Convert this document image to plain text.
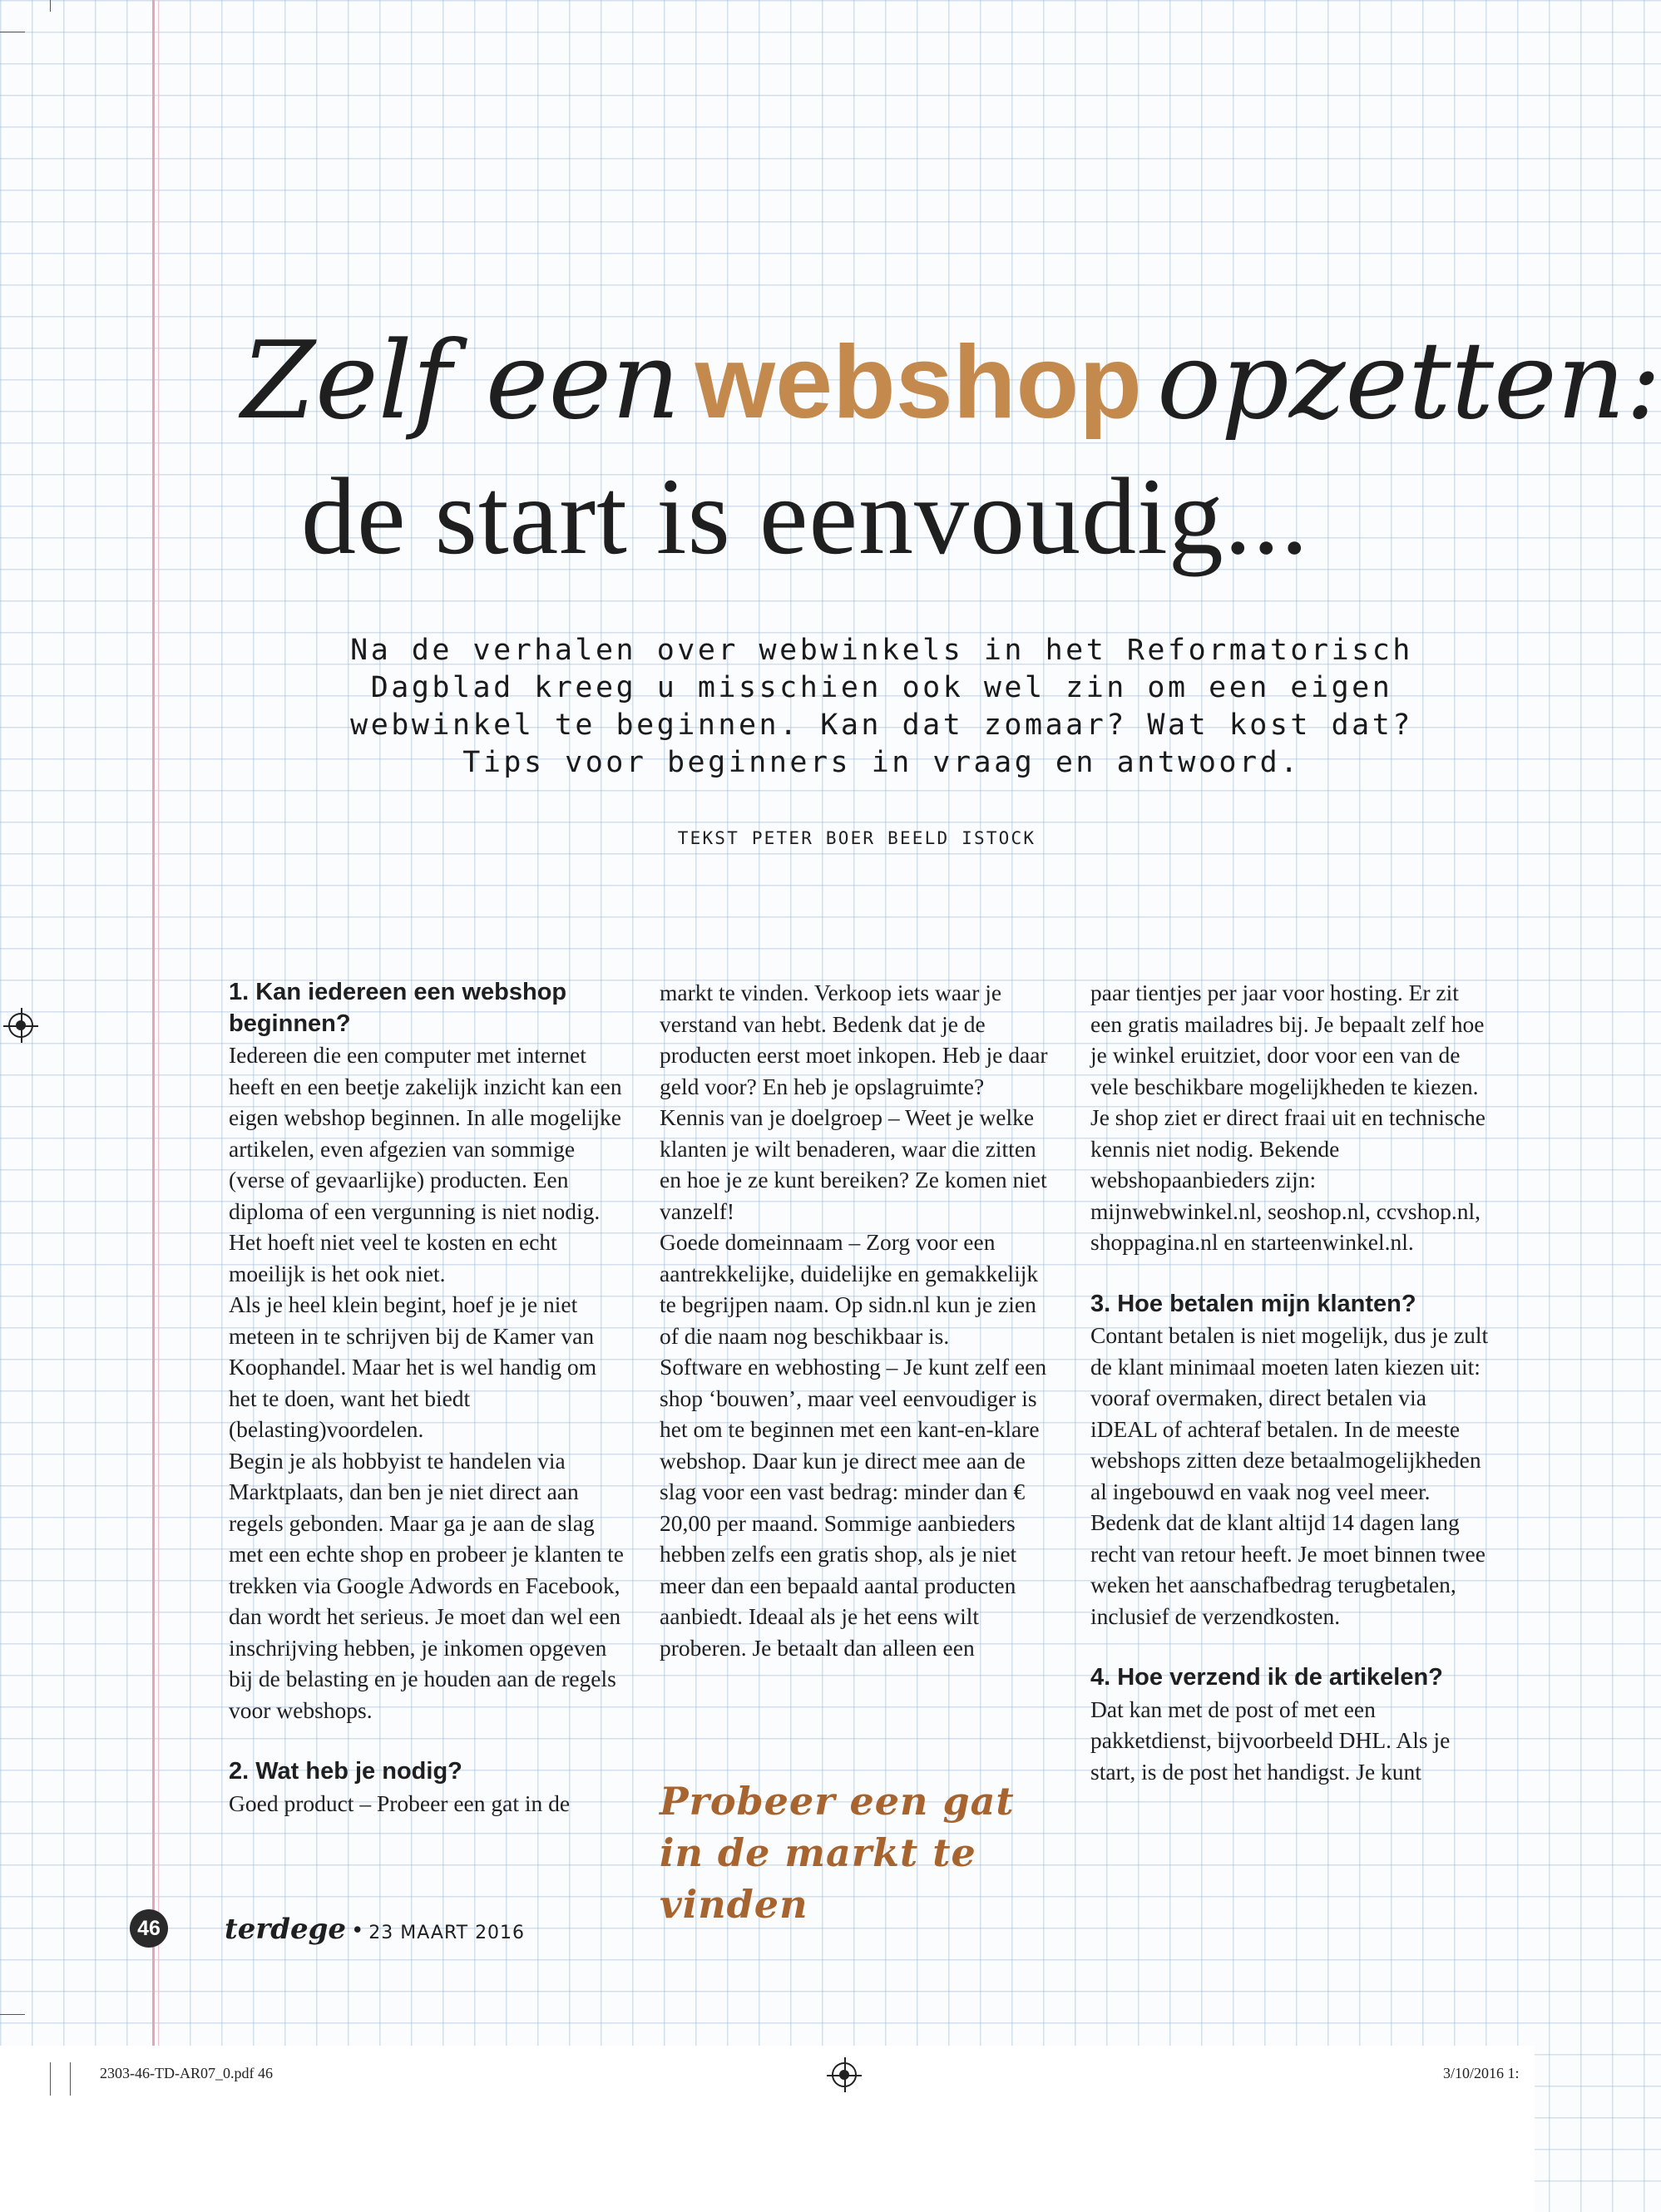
Zelf een webshop opzetten:
de start is eenvoudig...
Na de verhalen over webwinkels in het Reformatorisch Dagblad kreeg u misschien ook wel zin om een eigen webwinkel te beginnen. Kan dat zomaar? Wat kost dat? Tips voor beginners in vraag en antwoord.
TEKST PETER BOER BEELD ISTOCK
1. Kan iedereen een webshop beginnen?

Iedereen die een computer met internet heeft en een beetje zakelijk inzicht kan een eigen webshop beginnen. In alle mogelijke artikelen, even afgezien van sommige (verse of gevaarlijke) producten. Een diploma of een vergunning is niet nodig. Het hoeft niet veel te kosten en echt moeilijk is het ook niet.

Als je heel klein begint, hoef je je niet meteen in te schrijven bij de Kamer van Koophandel. Maar het is wel handig om het te doen, want het biedt (belasting)voordelen.

Begin je als hobbyist te handelen via Marktplaats, dan ben je niet direct aan regels gebonden. Maar ga je aan de slag met een echte shop en probeer je klanten te trekken via Google Adwords en Facebook, dan wordt het serieus. Je moet dan wel een inschrijving hebben, je inkomen opgeven bij de belasting en je houden aan de regels voor webshops.

2. Wat heb je nodig?

Goed product – Probeer een gat in de

markt te vinden. Verkoop iets waar je verstand van hebt. Bedenk dat je de producten eerst moet inkopen. Heb je daar geld voor? En heb je opslagruimte?

Kennis van je doelgroep – Weet je welke klanten je wilt benaderen, waar die zitten en hoe je ze kunt bereiken? Ze komen niet vanzelf!

Goede domeinnaam – Zorg voor een aantrekkelijke, duidelijke en gemakkelijk te begrijpen naam. Op sidn.nl kun je zien of die naam nog beschikbaar is.

Software en webhosting – Je kunt zelf een shop ‘bouwen’, maar veel eenvoudiger is het om te beginnen met een kant-en-klare webshop. Daar kun je direct mee aan de slag voor een vast bedrag: minder dan € 20,00 per maand. Sommige aanbieders hebben zelfs een gratis shop, als je niet meer dan een bepaald aantal producten aanbiedt. Ideaal als je het eens wilt proberen. Je betaalt dan alleen een

Probeer een gat in de markt te vinden

paar tientjes per jaar voor hosting. Er zit een gratis mailadres bij. Je bepaalt zelf hoe je winkel eruitziet, door voor een van de vele beschikbare mogelijkheden te kiezen. Je shop ziet er direct fraai uit en technische kennis niet nodig. Bekende webshopaanbieders zijn: mijnwebwinkel.nl, seoshop.nl, ccvshop.nl, shoppagina.nl en starteenwinkel.nl.

3. Hoe betalen mijn klanten?

Contant betalen is niet mogelijk, dus je zult de klant minimaal moeten laten kiezen uit: vooraf overmaken, direct betalen via iDEAL of achteraf betalen. In de meeste webshops zitten deze betaalmogelijkheden al ingebouwd en vaak nog veel meer. Bedenk dat de klant altijd 14 dagen lang recht van retour heeft. Je moet binnen twee weken het aanschafbedrag terugbetalen, inclusief de verzendkosten.

4. Hoe verzend ik de artikelen?

Dat kan met de post of met een pakketdienst, bijvoorbeeld DHL. Als je start, is de post het handigst. Je kunt

46 terdege • 23 MAART 2016
2303-46-TD-AR07_0.pdf 46	3/10/2016 1:
